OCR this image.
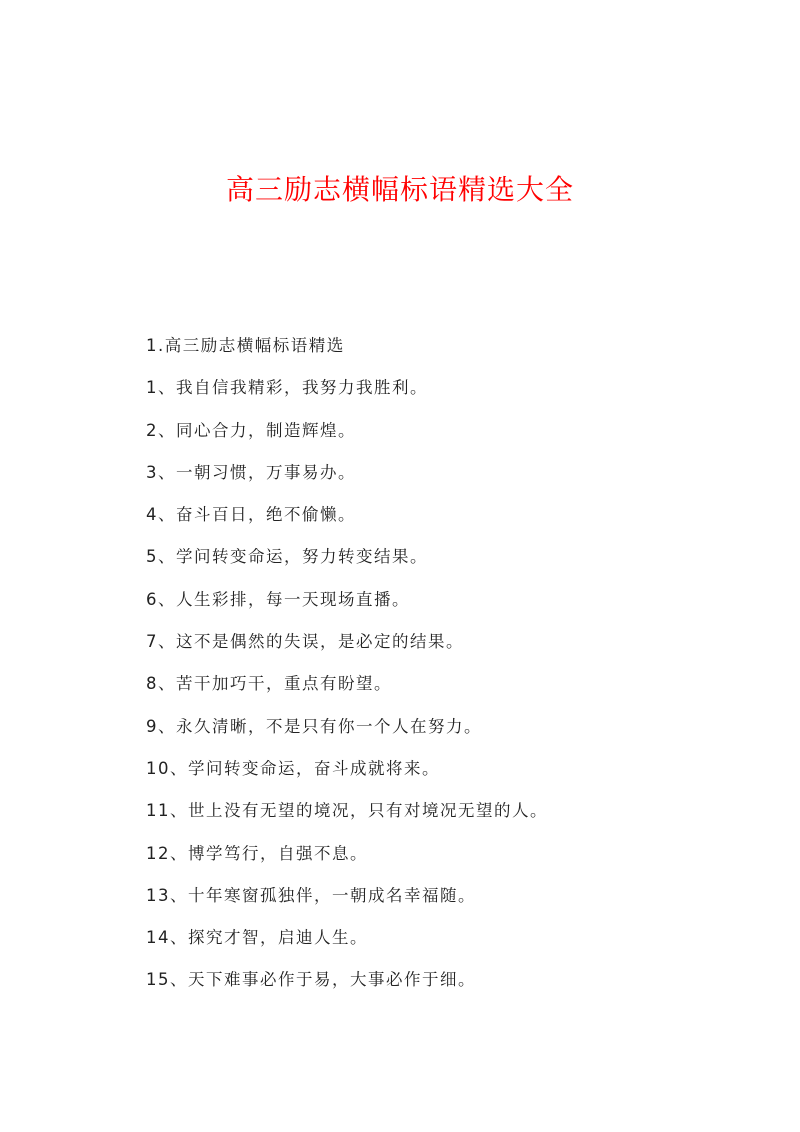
高三励志横幅标语精选大全
1.高三励志横幅标语精选
1、我自信我精彩，我努力我胜利。
2、同心合力，制造辉煌。
3、一朝习惯，万事易办。
4、奋斗百日，绝不偷懒。
5、学问转变命运，努力转变结果。
6、人生彩排，每一天现场直播。
7、这不是偶然的失误，是必定的结果。
8、苦干加巧干，重点有盼望。
9、永久清晰，不是只有你一个人在努力。
10、学问转变命运，奋斗成就将来。
11、世上没有无望的境况，只有对境况无望的人。
12、博学笃行，自强不息。
13、十年寒窗孤独伴，一朝成名幸福随。
14、探究才智，启迪人生。
15、天下难事必作于易，大事必作于细。
